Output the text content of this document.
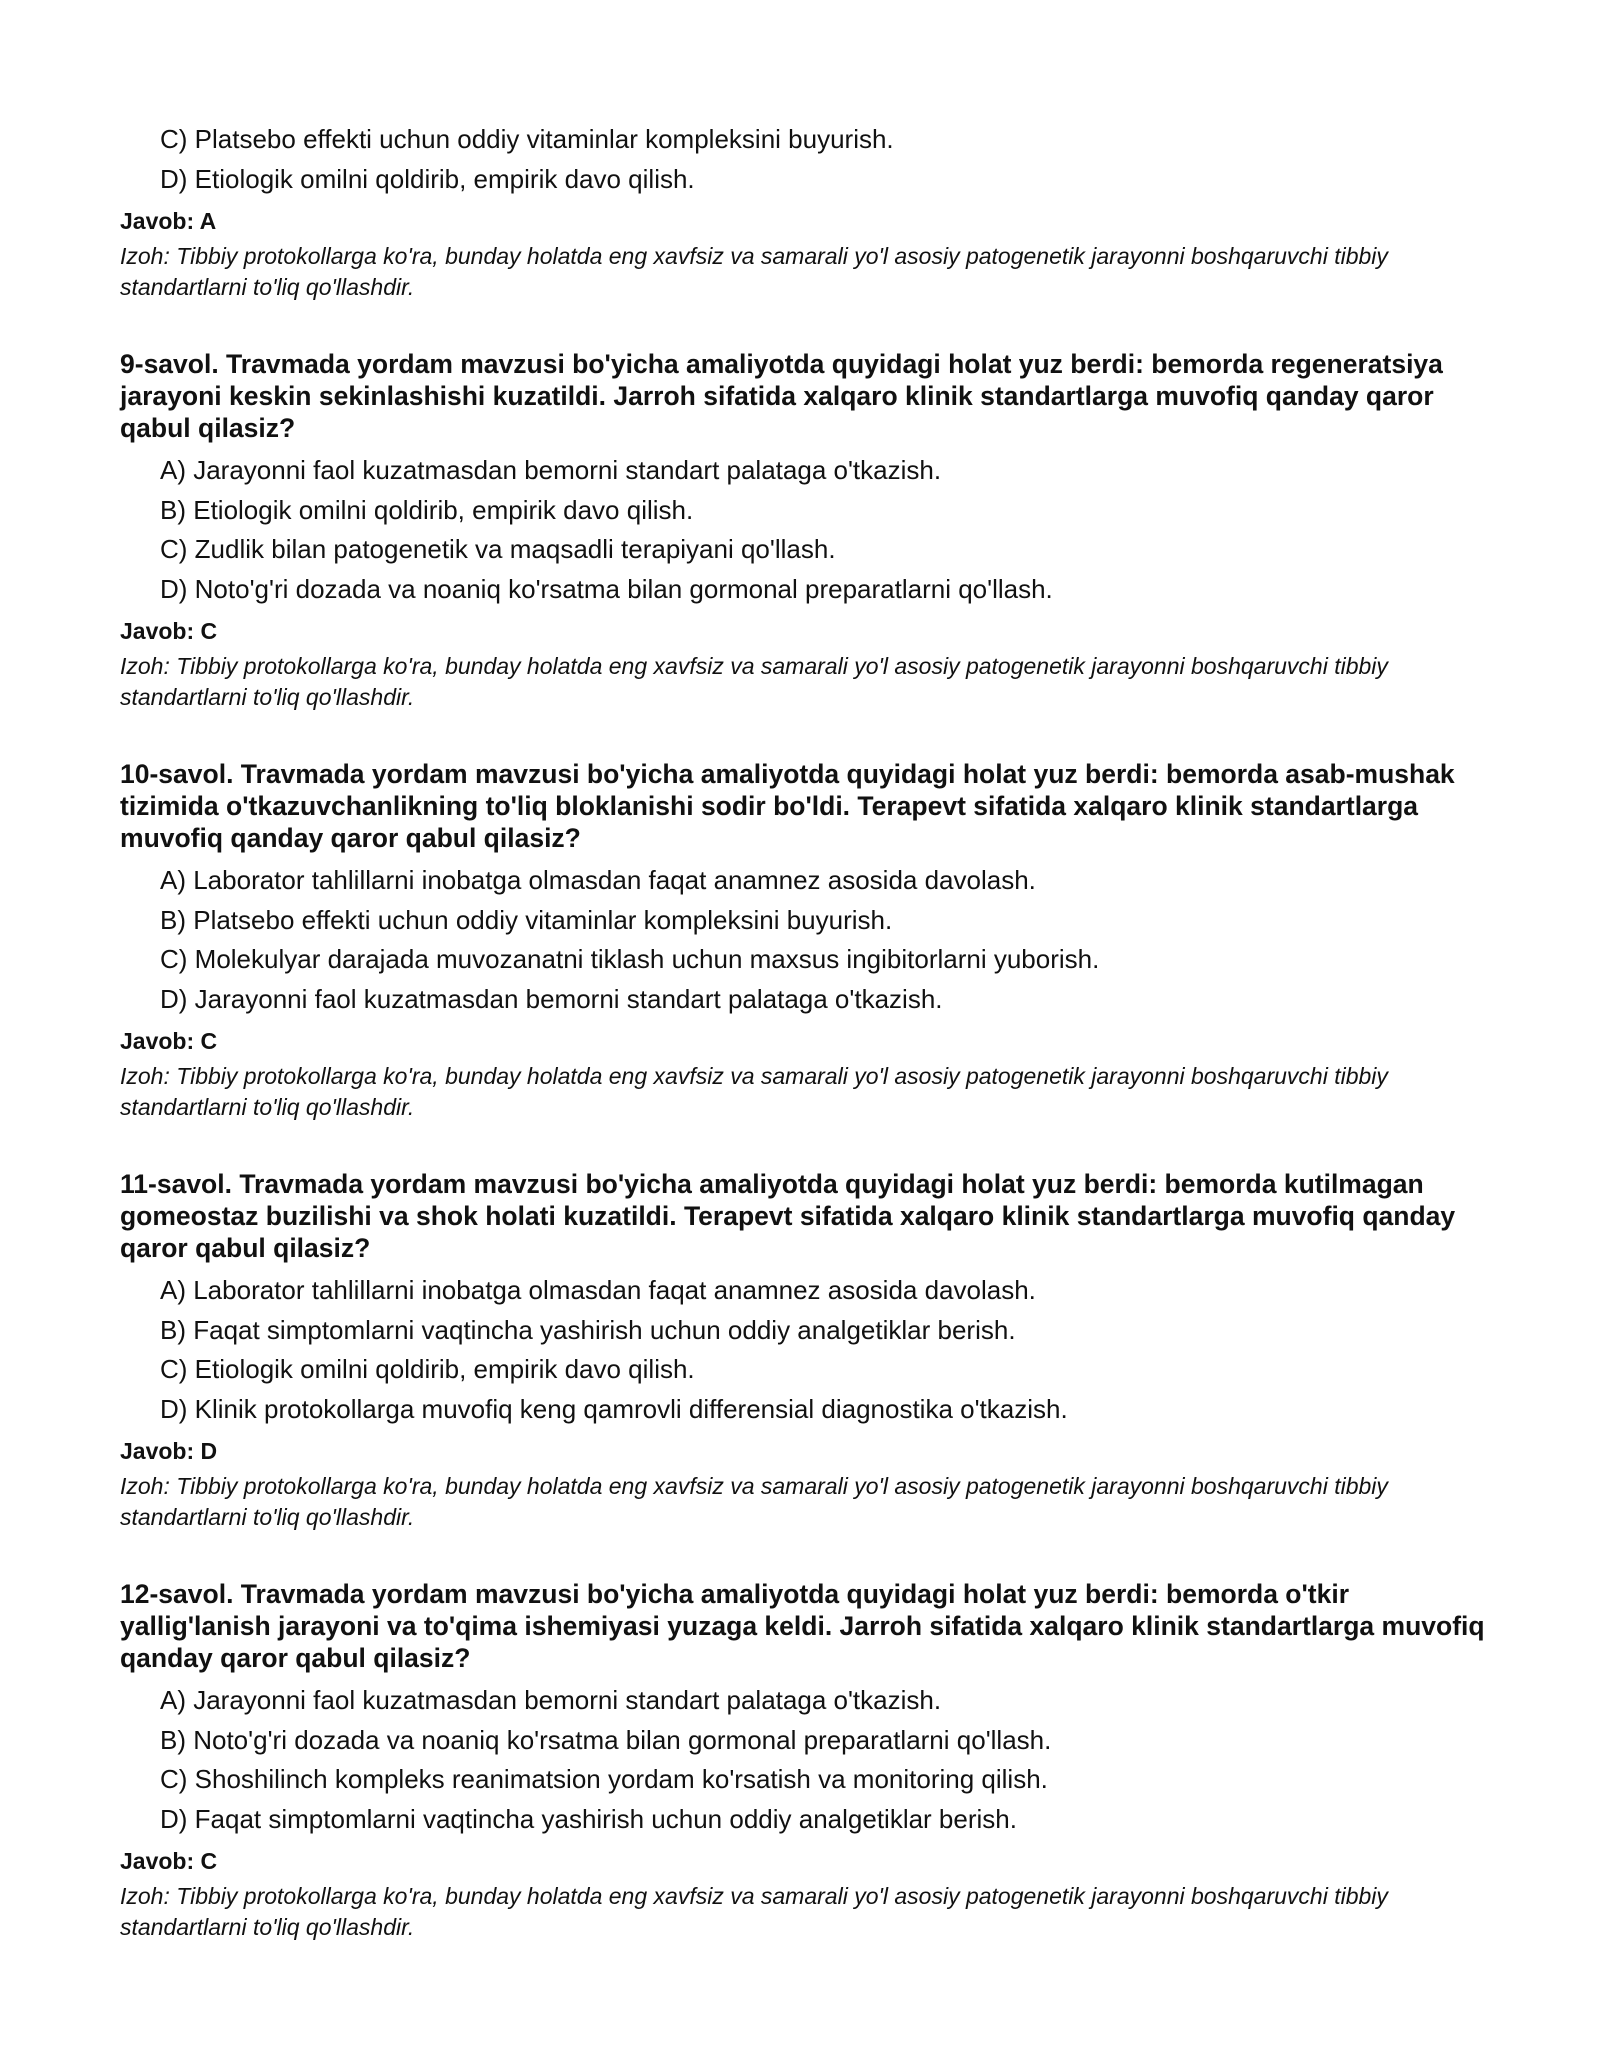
C) Platsebo effekti uchun oddiy vitaminlar kompleksini buyurish.
D) Etiologik omilni qoldirib, empirik davo qilish.
Javob: A
Izoh: Tibbiy protokollarga ko'ra, bunday holatda eng xavfsiz va samarali yo'l asosiy patogenetik jarayonni boshqaruvchi tibbiy standartlarni to'liq qo'llashdir.
9-savol. Travmada yordam mavzusi bo'yicha amaliyotda quyidagi holat yuz berdi: bemorda regeneratsiya jarayoni keskin sekinlashishi kuzatildi. Jarroh sifatida xalqaro klinik standartlarga muvofiq qanday qaror qabul qilasiz?
A) Jarayonni faol kuzatmasdan bemorni standart palataga o'tkazish.
B) Etiologik omilni qoldirib, empirik davo qilish.
C) Zudlik bilan patogenetik va maqsadli terapiyani qo'llash.
D) Noto'g'ri dozada va noaniq ko'rsatma bilan gormonal preparatlarni qo'llash.
Javob: C
Izoh: Tibbiy protokollarga ko'ra, bunday holatda eng xavfsiz va samarali yo'l asosiy patogenetik jarayonni boshqaruvchi tibbiy standartlarni to'liq qo'llashdir.
10-savol. Travmada yordam mavzusi bo'yicha amaliyotda quyidagi holat yuz berdi: bemorda asab-mushak tizimida o'tkazuvchanlikning to'liq bloklanishi sodir bo'ldi. Terapevt sifatida xalqaro klinik standartlarga muvofiq qanday qaror qabul qilasiz?
A) Laborator tahlillarni inobatga olmasdan faqat anamnez asosida davolash.
B) Platsebo effekti uchun oddiy vitaminlar kompleksini buyurish.
C) Molekulyar darajada muvozanatni tiklash uchun maxsus ingibitorlarni yuborish.
D) Jarayonni faol kuzatmasdan bemorni standart palataga o'tkazish.
Javob: C
Izoh: Tibbiy protokollarga ko'ra, bunday holatda eng xavfsiz va samarali yo'l asosiy patogenetik jarayonni boshqaruvchi tibbiy standartlarni to'liq qo'llashdir.
11-savol. Travmada yordam mavzusi bo'yicha amaliyotda quyidagi holat yuz berdi: bemorda kutilmagan gomeostaz buzilishi va shok holati kuzatildi. Terapevt sifatida xalqaro klinik standartlarga muvofiq qanday qaror qabul qilasiz?
A) Laborator tahlillarni inobatga olmasdan faqat anamnez asosida davolash.
B) Faqat simptomlarni vaqtincha yashirish uchun oddiy analgetiklar berish.
C) Etiologik omilni qoldirib, empirik davo qilish.
D) Klinik protokollarga muvofiq keng qamrovli differensial diagnostika o'tkazish.
Javob: D
Izoh: Tibbiy protokollarga ko'ra, bunday holatda eng xavfsiz va samarali yo'l asosiy patogenetik jarayonni boshqaruvchi tibbiy standartlarni to'liq qo'llashdir.
12-savol. Travmada yordam mavzusi bo'yicha amaliyotda quyidagi holat yuz berdi: bemorda o'tkir yallig'lanish jarayoni va to'qima ishemiyasi yuzaga keldi. Jarroh sifatida xalqaro klinik standartlarga muvofiq qanday qaror qabul qilasiz?
A) Jarayonni faol kuzatmasdan bemorni standart palataga o'tkazish.
B) Noto'g'ri dozada va noaniq ko'rsatma bilan gormonal preparatlarni qo'llash.
C) Shoshilinch kompleks reanimatsion yordam ko'rsatish va monitoring qilish.
D) Faqat simptomlarni vaqtincha yashirish uchun oddiy analgetiklar berish.
Javob: C
Izoh: Tibbiy protokollarga ko'ra, bunday holatda eng xavfsiz va samarali yo'l asosiy patogenetik jarayonni boshqaruvchi tibbiy standartlarni to'liq qo'llashdir.
